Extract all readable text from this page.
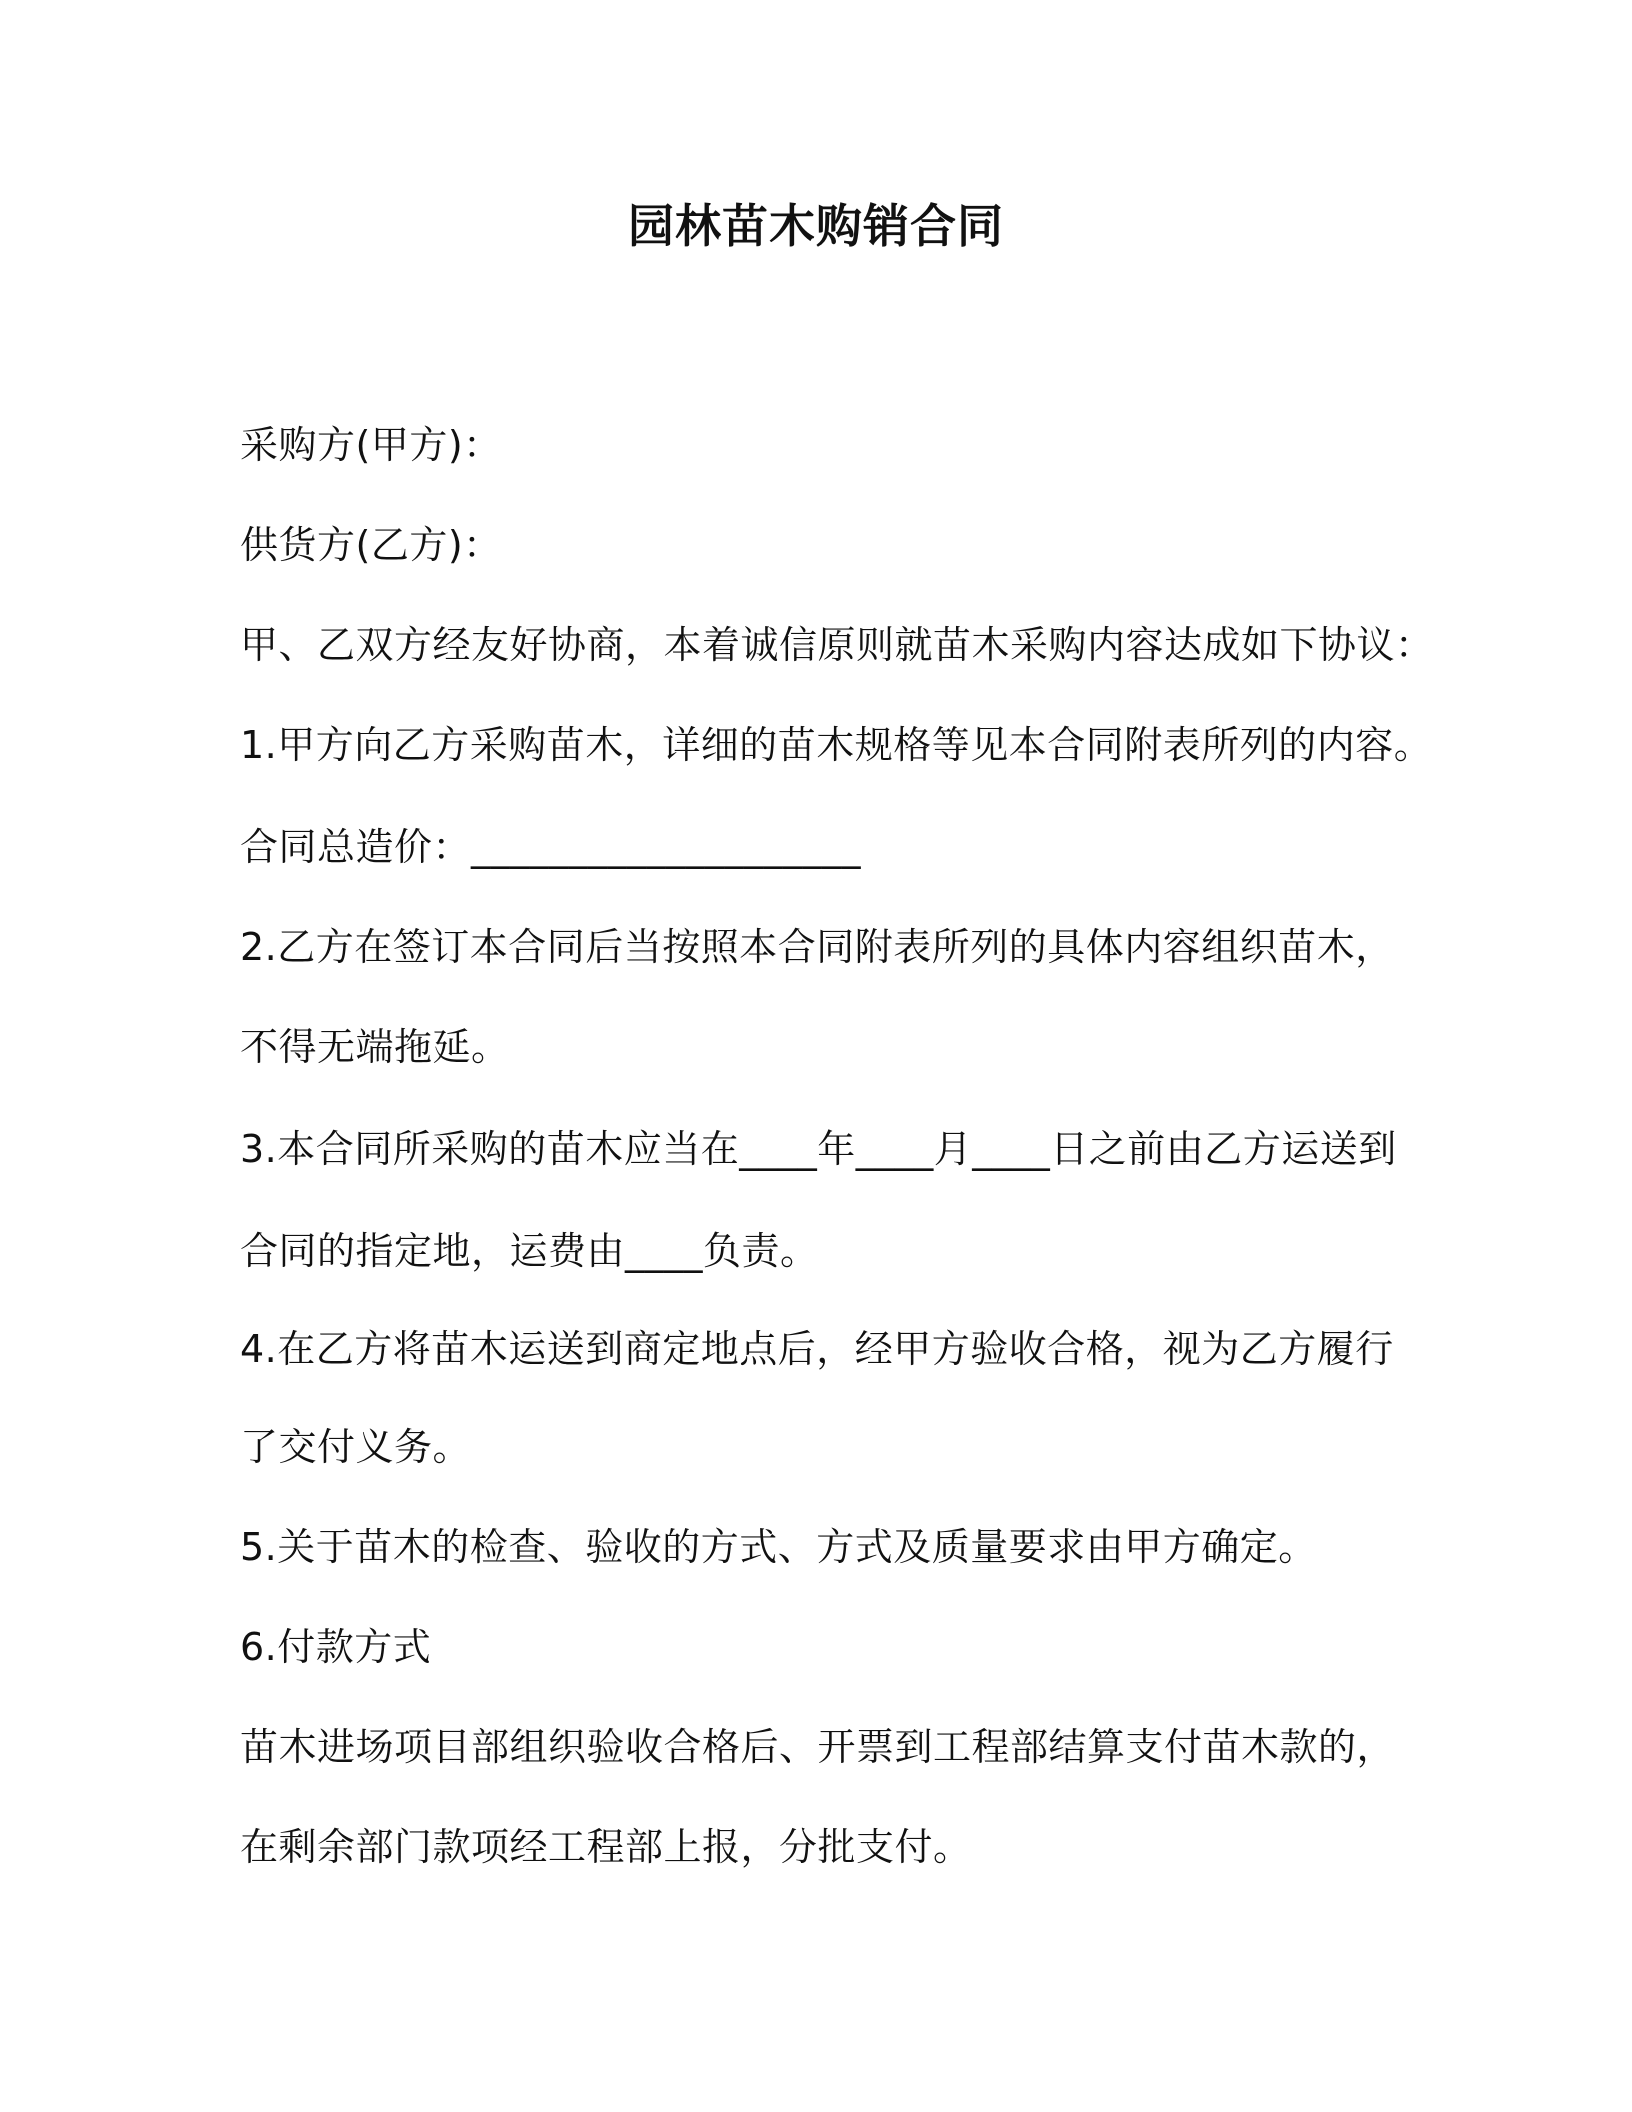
园林苗木购销合同
采购方(甲方)：
供货方(乙方)：
甲、乙双方经友好协商，本着诚信原则就苗木采购内容达成如下协议：
1.甲方向乙方采购苗木，详细的苗木规格等见本合同附表所列的内容。
合同总造价：____________________
2.乙方在签订本合同后当按照本合同附表所列的具体内容组织苗木，
不得无端拖延。
3.本合同所采购的苗木应当在____年____月____日之前由乙方运送到
合同的指定地，运费由____负责。
4.在乙方将苗木运送到商定地点后，经甲方验收合格，视为乙方履行
了交付义务。
5.关于苗木的检查、验收的方式、方式及质量要求由甲方确定。
6.付款方式
苗木进场项目部组织验收合格后、开票到工程部结算支付苗木款的，
在剩余部门款项经工程部上报，分批支付。
